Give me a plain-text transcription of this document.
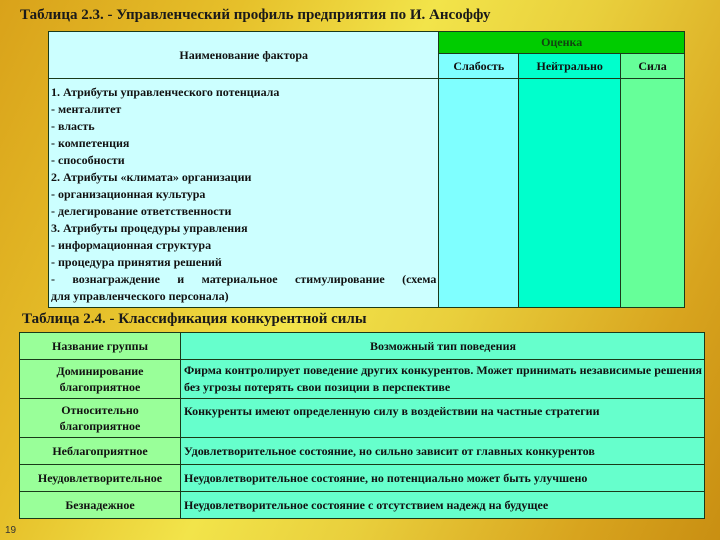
Таблица 2.3. - Управленческий профиль предприятия по И. Ансоффу
Наименование фактора	Оценка		
	Слабость	Нейтрально	Сила

1. Атрибуты управленческого потенциала
- менталитет
- власть
- компетенция
- способности
2. Атрибуты «климата» организации
- организационная культура
- делегирование ответственности
3. Атрибуты процедуры управления
- информационная структура
- процедура принятия решений
- вознаграждение и материальное стимулирование (схема
для управленческого персонала)

Таблица 2.4. - Классификация конкурентной силы
Название группы	Возможный тип поведения
Доминирование благоприятное	Фирма контролирует поведение других конкурентов. Может принимать независимые решения без угрозы потерять свои позиции в перспективе
Относительно благоприятное	Конкуренты имеют определенную силу в воздействии на частные стратегии
Неблагоприятное	Удовлетворительное состояние, но сильно зависит от главных конкурентов
Неудовлетворительное	Неудовлетворительное состояние, но потенциально может быть улучшено
Безнадежное	Неудовлетворительное состояние с отсутствием надежд на будущее
19
